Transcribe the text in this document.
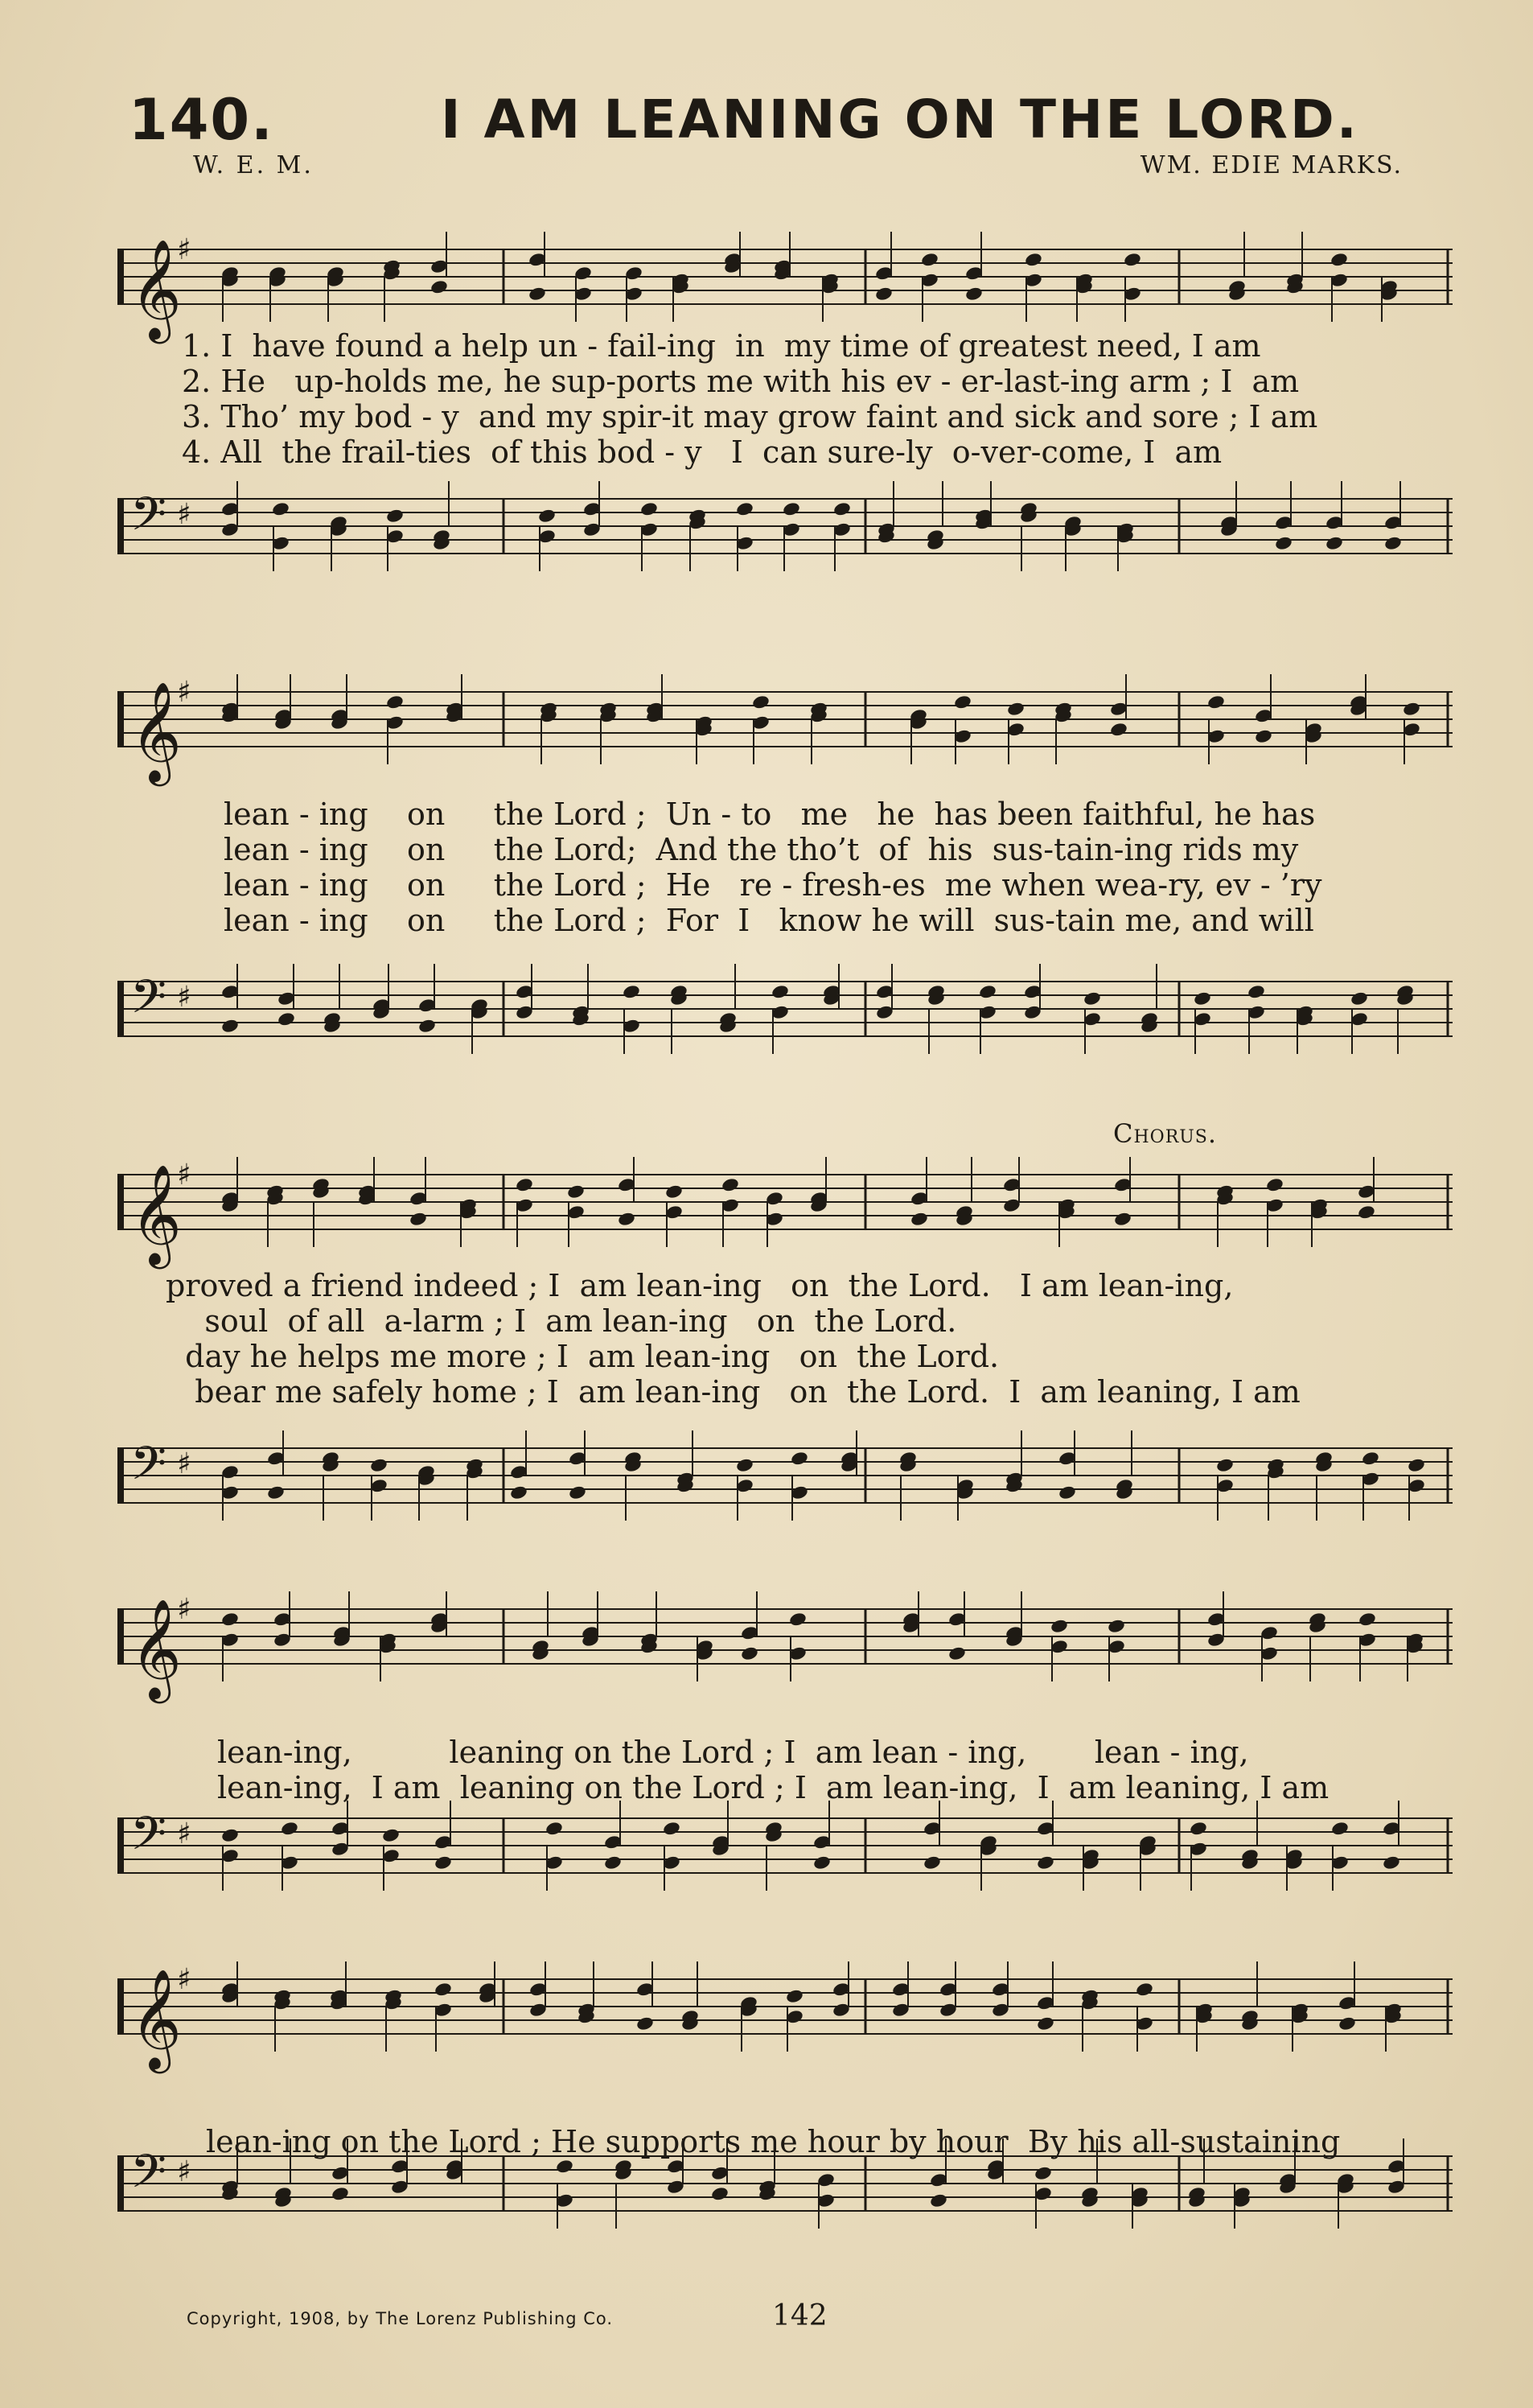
140.	I AM LEANING ON THE LORD.
W. E. M.	WM. EDIE MARKS.
𝄞
♯
𝄢 ♯
1. I  have found a help un - fail-ing  in  my time of greatest need, I am
2. He   up-holds me, he sup-ports me with his ev - er-last-ing arm ; I  am
3. Tho’ my bod - y  and my spir-it may grow faint and sick and sore ; I am
4. All  the frail-ties  of this bod - y   I  can sure-ly  o-ver-come, I  am
𝄞
♯
𝄢 ♯
lean - ing    on     the Lord ;  Un - to   me   he  has been faithful, he has
lean - ing    on     the Lord;  And the tho’t  of  his  sus-tain-ing rids my
lean - ing    on     the Lord ;  He   re - fresh-es  me when wea-ry, ev - ’ry
lean - ing    on     the Lord ;  For  I   know he will  sus-tain me, and will
Chorus.
𝄞
♯
𝄢 ♯
proved a friend indeed ; I  am lean-ing   on  the Lord.   I am lean-ing,
soul  of all  a-larm ; I  am lean-ing   on  the Lord.
day he helps me more ; I  am lean-ing   on  the Lord.
bear me safely home ; I  am lean-ing   on  the Lord.  I  am leaning, I am
𝄞
♯
𝄢 ♯
lean-ing,          leaning on the Lord ; I  am lean - ing,       lean - ing,
lean-ing,  I am  leaning on the Lord ; I  am lean-ing,  I  am leaning, I am
𝄞
♯
𝄢 ♯
lean-ing on the Lord ; He supports me hour by hour  By his all-sustaining
Copyright, 1908, by The Lorenz Publishing Co.	142
